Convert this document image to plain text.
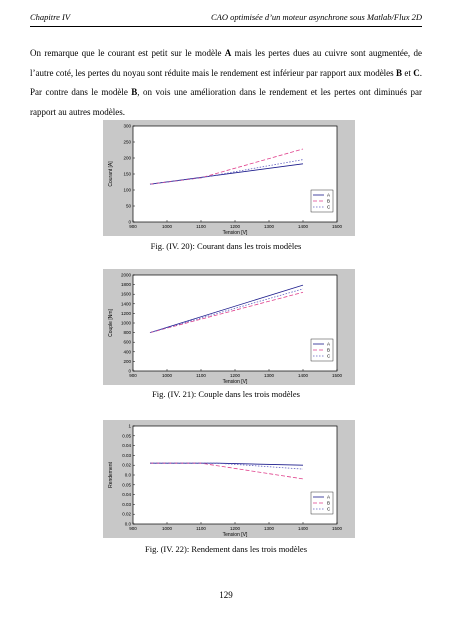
Chapitre IV	CAO optimisée d’un moteur asynchrone sous Matlab/Flux 2D

On remarque que le courant est petit sur le modèle A mais les pertes dues au cuivre sont augmentée, de l’autre coté, les pertes du noyau sont réduite mais le rendement est inférieur par rapport aux modèles B et C. Par contre dans le modèle B, on vois une amélioration dans le rendement et les pertes ont diminués par rapport au autres modèles.

900	1000	1100	1200	1300	1400	1500
0
50
100
150
200
250
300
Tension [V]
Courant [A]
A
B
C
Fig. (IV. 20): Courant dans les trois modèles
900	1000	1100	1200	1300	1400	1500
0
200
400
600
800
1000
1200
1400
1600
1800
2000
Tension [V]
Couple [Nm]
A
B
C
Fig. (IV. 21): Couple dans les trois modèles
900	1000	1100	1200	1300	1400	1500
0.0
0.02
0.03
0.04
0.05
0.0
0.02
0.03
0.04
0.05
1
Tension [V]
Rendement
A
B
C
Fig. (IV. 22): Rendement dans les trois modèles
129
